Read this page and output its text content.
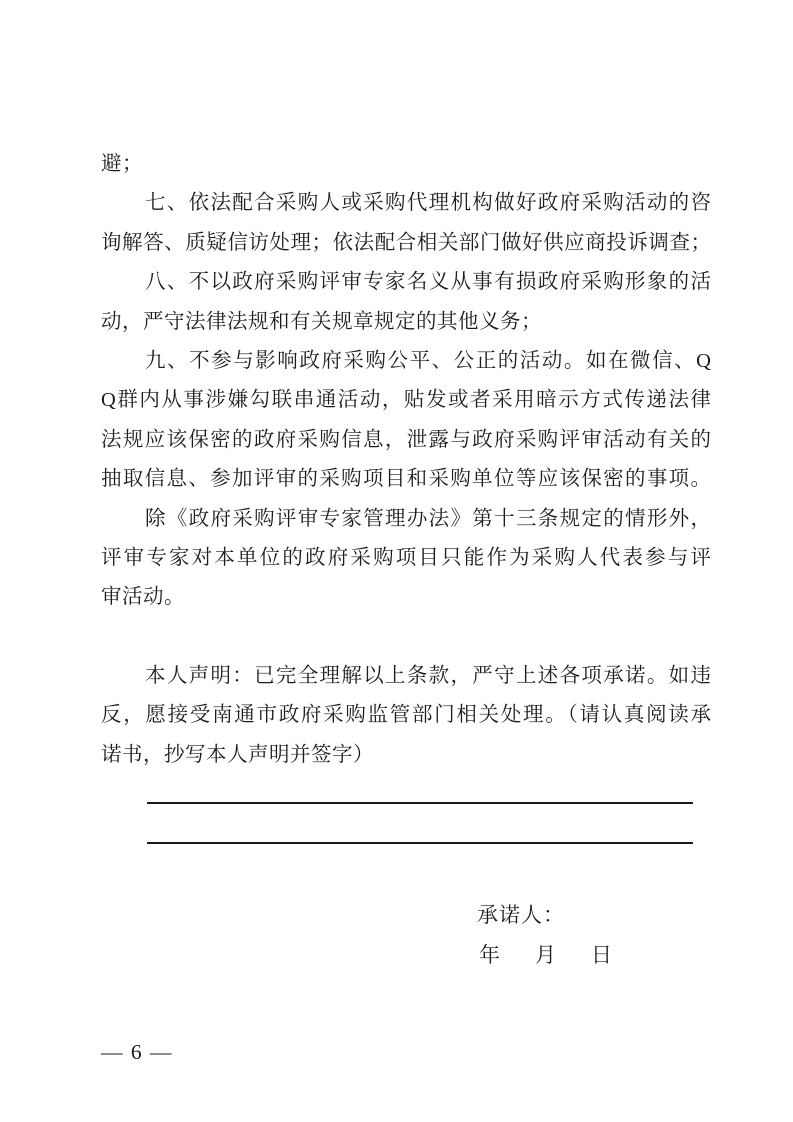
避；
七、依法配合采购人或采购代理机构做好政府采购活动的咨
询解答、质疑信访处理；依法配合相关部门做好供应商投诉调查；
八、不以政府采购评审专家名义从事有损政府采购形象的活
动，严守法律法规和有关规章规定的其他义务；
九、不参与影响政府采购公平、公正的活动。如在微信、Q
Q群内从事涉嫌勾联串通活动，贴发或者采用暗示方式传递法律
法规应该保密的政府采购信息，泄露与政府采购评审活动有关的
抽取信息、参加评审的采购项目和采购单位等应该保密的事项。
除《政府采购评审专家管理办法》第十三条规定的情形外，
评审专家对本单位的政府采购项目只能作为采购人代表参与评
审活动。
本人声明：已完全理解以上条款，严守上述各项承诺。如违
反，愿接受南通市政府采购监管部门相关处理。（请认真阅读承
诺书，抄写本人声明并签字）
承诺人：
年 月 日
— 6 —
